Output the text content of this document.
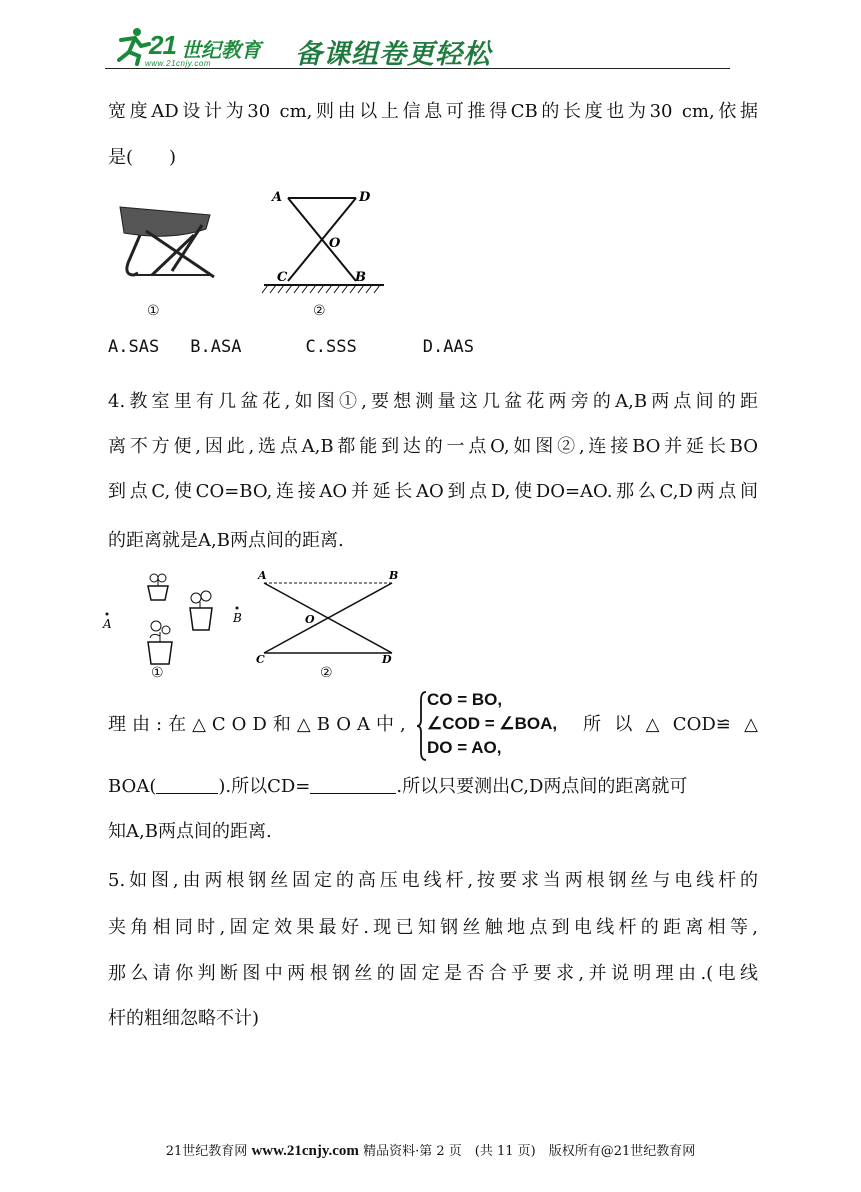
21 世纪教育
www.21cnjy.com	备课组卷更轻松
宽度AD设计为30 cm,则由以上信息可推得CB的长度也为30 cm,依据
是(　　)
①
A	D
O
C	B
②
A.SAS B.ASA	C.SSS	D.AAS
4.教室里有几盆花,如图①,要想测量这几盆花两旁的A,B两点间的距
离不方便,因此,选点A,B都能到达的一点O,如图②,连接BO并延长BO
到点C,使CO=BO,连接AO并延长AO到点D,使DO=AO.那么C,D两点间
的距离就是A,B两点间的距离.
A	B
①
A	B
O
C	D
②
理由:在△COD和△BOA中,
CO = BO,
∠COD = ∠BOA,
DO = AO,
所以△COD≌△
BOA(	).所以CD=	.所以只要测出C,D两点间的距离就可
知A,B两点间的距离.
5.如图,由两根钢丝固定的高压电线杆,按要求当两根钢丝与电线杆的
夹角相同时,固定效果最好.现已知钢丝触地点到电线杆的距离相等,
那么请你判断图中两根钢丝的固定是否合乎要求,并说明理由.(电线
杆的粗细忽略不计)
21世纪教育网 www.21cnjy.com 精品资料·第 2 页　(共 11 页)　版权所有@21世纪教育网
